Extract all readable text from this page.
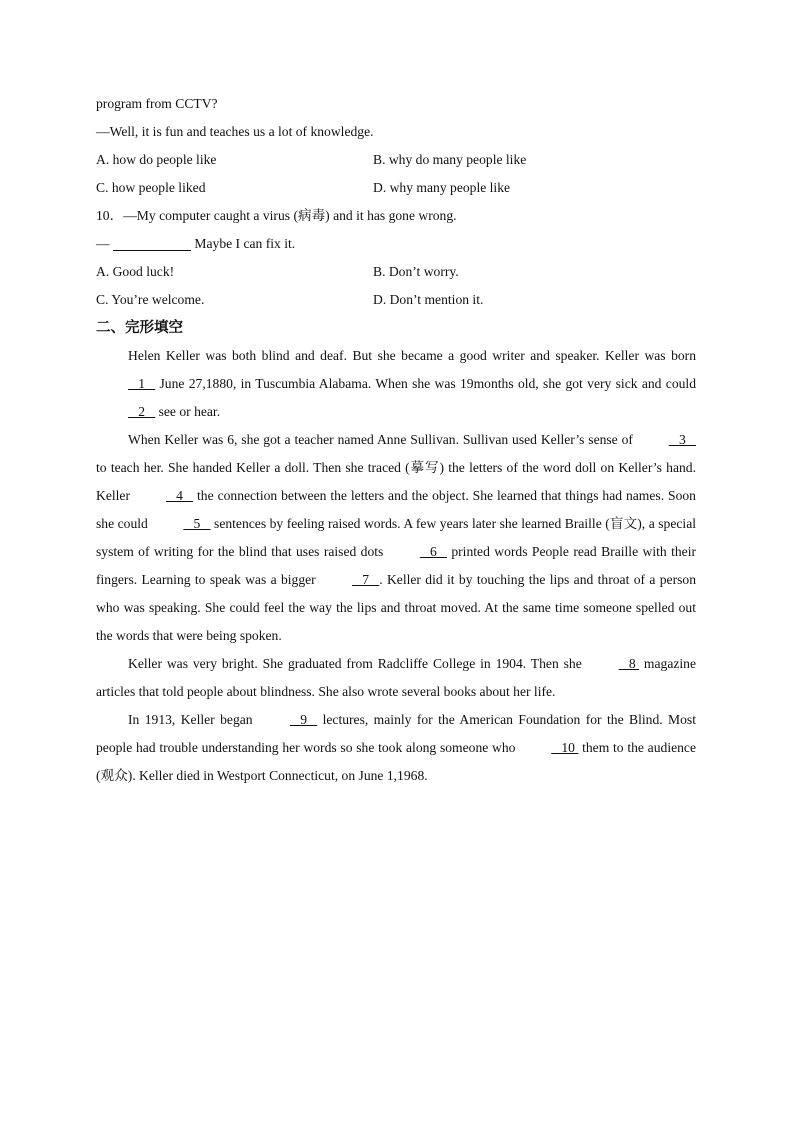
program from CCTV?
—Well, it is fun and teaches us a lot of knowledge.
A. how do people like	B. why do many people like
C. how people liked	D. why many people like
10．—My computer caught a virus (病毒) and it has gone wrong.
—	Maybe I can fix it.
A. Good luck!	B. Don’t worry.
C. You’re welcome.	D. Don’t mention it.
二、完形填空

Helen Keller was both blind and deaf. But she became a good writer and speaker. Keller was born    1    June 27,1880, in Tuscumbia Alabama. When she was 19months old, she got very sick and could    2    see or hear.

When Keller was 6, she got a teacher named Anne Sullivan. Sullivan used Keller’s sense of    3    to teach her. She handed Keller a doll. Then she traced (摹写) the letters of the word doll on Keller’s hand. Keller    4    the connection between the letters and the object. She learned that things had names. Soon she could    5    sentences by feeling raised words. A few years later she learned Braille (盲文), a special system of writing for the blind that uses raised dots    6    printed words People read Braille with their fingers. Learning to speak was a bigger    7   . Keller did it by touching the lips and throat of a person who was speaking. She could feel the way the lips and throat moved. At the same time someone spelled out the words that were being spoken.

Keller was very bright. She graduated from Radcliffe College in 1904. Then she    8  magazine articles that told people about blindness. She also wrote several books about her life.

In 1913, Keller began    9    lectures, mainly for the American Foundation for the Blind. Most people had trouble understanding her words so she took along someone who    10  them to the audience (观众). Keller died in Westport Connecticut, on June 1,1968.
